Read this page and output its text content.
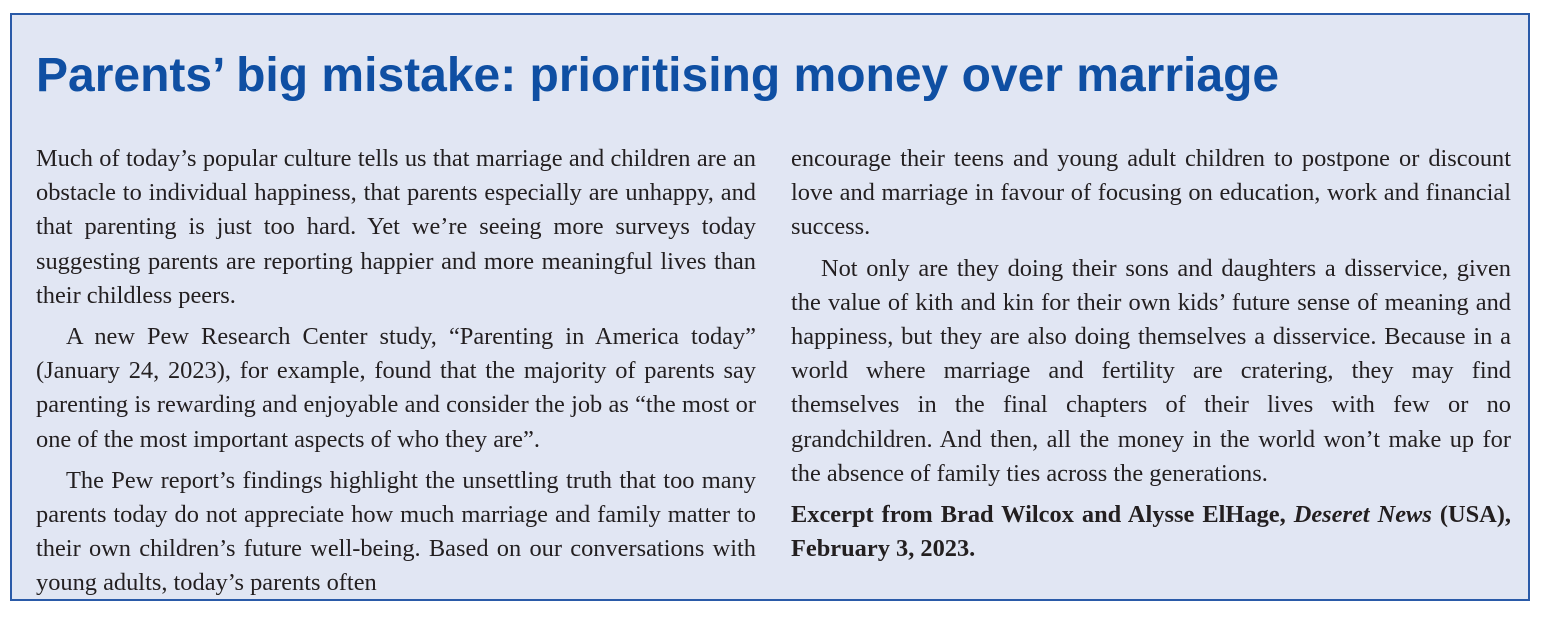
Parents’ big mistake: prioritising money over marriage

Much of today’s popular culture tells us that marriage and children are an obstacle to individual happiness, that parents especially are unhappy, and that parenting is just too hard. Yet we’re seeing more surveys today suggesting parents are reporting happier and more meaningful lives than their childless peers.

A new Pew Research Center study, “Parenting in America today” (January 24, 2023), for example, found that the majority of parents say parenting is rewarding and enjoyable and consider the job as “the most or one of the most important aspects of who they are”.

The Pew report’s findings highlight the unsettling truth that too many parents today do not appreciate how much marriage and family matter to their own children’s future well-being. Based on our conversations with young adults, today’s parents often

encourage their teens and young adult children to postpone or discount love and marriage in favour of focusing on education, work and financial success.

Not only are they doing their sons and daughters a disservice, given the value of kith and kin for their own kids’ future sense of meaning and happiness, but they are also doing themselves a disservice. Because in a world where marriage and fertility are cratering, they may find themselves in the final chapters of their lives with few or no grandchildren. And then, all the money in the world won’t make up for the absence of family ties across the generations.

Excerpt from Brad Wilcox and Alysse ElHage, Deseret News (USA), February 3, 2023.
